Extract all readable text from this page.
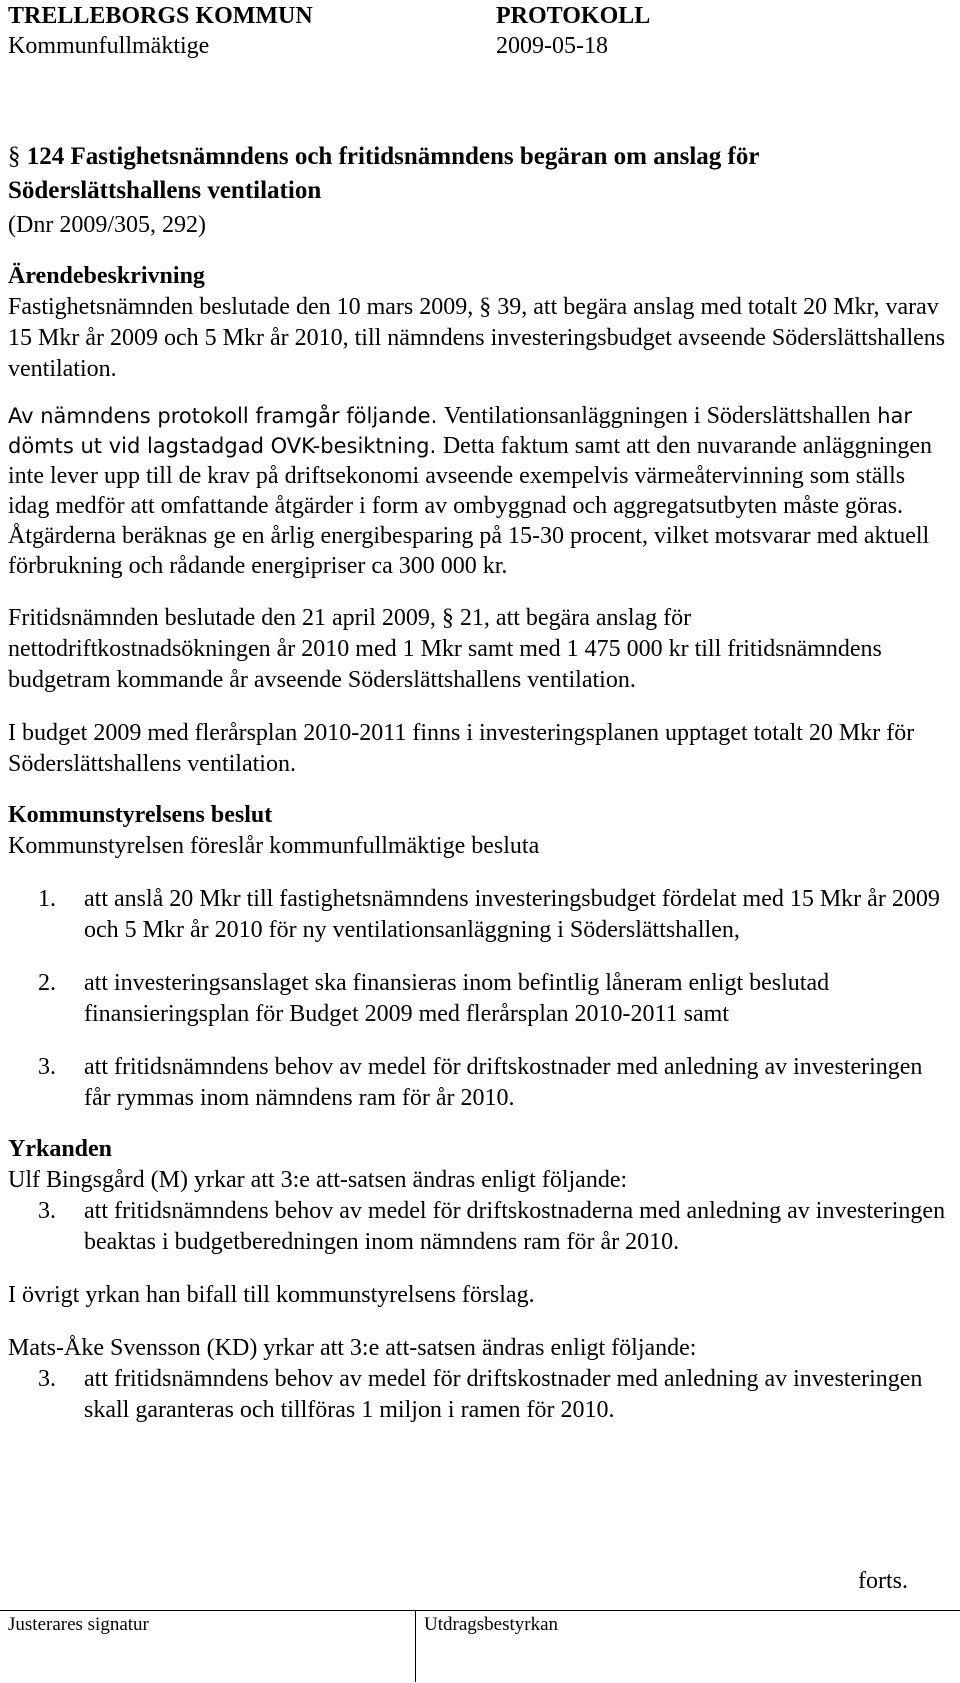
TRELLEBORGS KOMMUN	PROTOKOLL
Kommunfullmäktige	2009-05-18

§ 124 Fastighetsnämndens och fritidsnämndens begäran om anslag för
Söderslättshallens ventilation

(Dnr 2009/305, 292)

Ärendebeskrivning

Fastighetsnämnden beslutade den 10 mars 2009, § 39, att begära anslag med totalt 20 Mkr, varav 15 Mkr år 2009 och 5 Mkr år 2010, till nämndens investeringsbudget avseende Söderslättshallens ventilation.

Av nämndens protokoll framgår följande. Ventilationsanläggningen i Söderslättshallen har dömts ut vid lagstadgad OVK-besiktning. Detta faktum samt att den nuvarande anläggningen inte lever upp till de krav på driftsekonomi avseende exempelvis värmeåtervinning som ställs idag medför att omfattande åtgärder i form av ombyggnad och aggregatsutbyten måste göras. Åtgärderna beräknas ge en årlig energibesparing på 15-30 procent, vilket motsvarar med aktuell förbrukning och rådande energipriser ca 300 000 kr.

Fritidsnämnden beslutade den 21 april 2009, § 21, att begära anslag för nettodriftkostnadsökningen år 2010 med 1 Mkr samt med 1 475 000 kr till fritidsnämndens budgetram kommande år avseende Söderslättshallens ventilation.

I budget 2009 med flerårsplan 2010-2011 finns i investeringsplanen upptaget totalt 20 Mkr för Söderslättshallens ventilation.

Kommunstyrelsens beslut

Kommunstyrelsen föreslår kommunfullmäktige besluta

1. att anslå 20 Mkr till fastighetsnämndens investeringsbudget fördelat med 15 Mkr år 2009 och 5 Mkr år 2010 för ny ventilationsanläggning i Söderslättshallen,
2. att investeringsanslaget ska finansieras inom befintlig låneram enligt beslutad finansieringsplan för Budget 2009 med flerårsplan 2010-2011 samt
3. att fritidsnämndens behov av medel för driftskostnader med anledning av investeringen får rymmas inom nämndens ram för år 2010.

Yrkanden

Ulf Bingsgård (M) yrkar att 3:e att-satsen ändras enligt följande:

3. att fritidsnämndens behov av medel för driftskostnaderna med anledning av investeringen beaktas i budgetberedningen inom nämndens ram för år 2010.

I övrigt yrkan han bifall till kommunstyrelsens förslag.

Mats-Åke Svensson (KD) yrkar att 3:e att-satsen ändras enligt följande:

3. att fritidsnämndens behov av medel för driftskostnader med anledning av investeringen skall garanteras och tillföras 1 miljon i ramen för 2010.

forts.
Justerares signatur	Utdragsbestyrkan
